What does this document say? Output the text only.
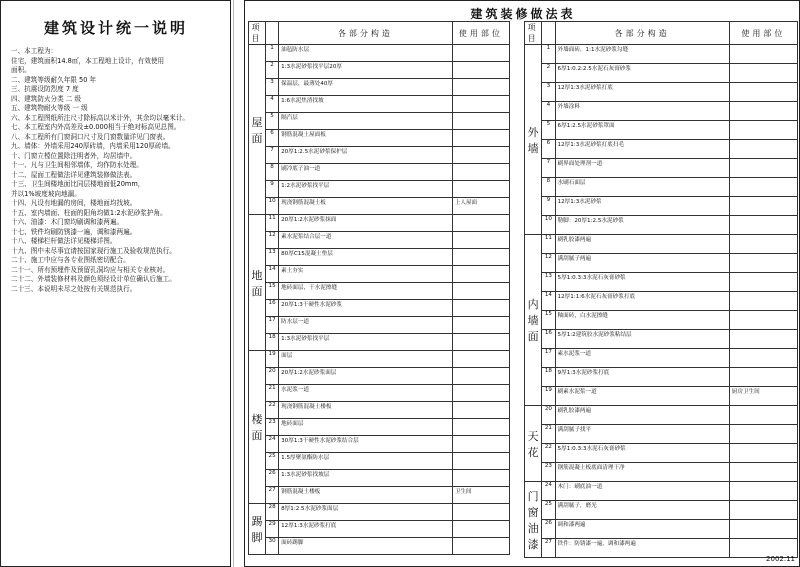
建筑设计统一说明
一、本工程为：
住宅，建筑面积14.8㎡，本工程地上设计，有效使用
面积。
二、建筑等级耐久年限 50 年
三、抗震设防烈度 7 度
四、建筑防火分类 二 级
五、建筑物耐火等级 一 级
六、本工程图纸所注尺寸除标高以米计外，其余均以毫米计。
七、本工程室内外高差及±0.000相当于绝对标高见总图。
八、本工程所有门窗洞口尺寸及门窗数量详见门窗表。
九、墙体：外墙采用240厚砖墙，内墙采用120厚砖墙。
十、门窗立樘位置除注明者外，均居墙中。
十一、凡与卫生间相邻墙体，均作防水处理。
十二、屋面工程做法详见建筑装修做法表。
十三、卫生间楼地面比同层楼地面低20mm，
并以1%坡度坡向地漏。
十四、凡设有地漏的房间，楼地面均找坡。
十五、室内墙面、柱面的阳角均做1:2水泥砂浆护角。
十六、油漆：木门窗均刷调和漆两遍。
十七、铁件均刷防锈漆一遍，调和漆两遍。
十八、楼梯栏杆做法详见楼梯详图。
十九、图中未尽事宜请按国家现行施工及验收规范执行。
二十、施工中应与各专业图纸密切配合。
二十一、所有预埋件及预留孔洞均应与相关专业核对。
二十二、外墙装修材料及颜色须经设计单位确认后施工。
二十三、本说明未尽之处按有关规范执行。
建筑装修做法表
项目		各部分构造	使用部位
屋面	1	油毡防水层	
	2	1:3水泥砂浆找平层20厚	
	3	保温层，最薄处40厚	
	4	1:6水泥焦渣找坡	
	5	隔汽层	
	6	钢筋混凝土屋面板	
	7	20厚1:2.5水泥砂浆保护层	
	8	刷冷底子油一道	
	9	1:2水泥砂浆找平层	
	10	现浇钢筋混凝土板	上人屋面
地面	11	20厚1:2水泥砂浆抹面	
	12	素水泥浆结合层一道	
	13	80厚C15混凝土垫层	
	14	素土夯实	
	15	地砖面层，干水泥擦缝	
	16	20厚1:3干硬性水泥砂浆	
	17	防水层一道	
	18	1:3水泥砂浆找平层	
楼面	19	面层	
	20	20厚1:2水泥砂浆面层	
	21	水泥浆一道	
	22	现浇钢筋混凝土楼板	
	23	地砖面层	
	24	30厚1:3干硬性水泥砂浆结合层	
	25	1.5厚聚氨酯防水层	
	26	1:3水泥砂浆找坡层	
	27	钢筋混凝土楼板	卫生间
踢脚	28	8厚1:2.5水泥砂浆面层	
	29	12厚1:3水泥砂浆打底	
	30	面砖踢脚	
项目		各部分构造	使用部位
外墙	1	外墙面砖，1:1水泥砂浆勾缝	
	2	6厚1:0.2:2.5水泥石灰膏砂浆	
	3	12厚1:3水泥砂浆打底	
	4	外墙涂料	
	5	6厚1:2.5水泥砂浆罩面	
	6	12厚1:3水泥砂浆打底扫毛	
	7	刷界面处理剂一道	
	8	水刷石面层	
	9	12厚1:3水泥砂浆	
	10	勒脚：20厚1:2.5水泥砂浆	
内墙面	11	刷乳胶漆两遍	
	12	满刮腻子两遍	
	13	5厚1:0.3:3水泥石灰膏砂浆	
	14	12厚1:1:6水泥石灰膏砂浆打底	
	15	釉面砖，白水泥擦缝	
	16	5厚1:2建筑胶水泥砂浆粘结层	
	17	素水泥浆一道	
	18	9厚1:3水泥砂浆打底	
	19	刷素水泥浆一道	厨房卫生间
天花	20	刷乳胶漆两遍	
	21	满刮腻子找平	
	22	5厚1:0.3:3水泥石灰膏砂浆	
	23	钢筋混凝土板底面清理干净	
门窗油漆	24	木门：刷底油一道	
	25	满刮腻子，磨光	
	26	调和漆两遍	
	27	铁件：防锈漆一遍，调和漆两遍	
2002.11
